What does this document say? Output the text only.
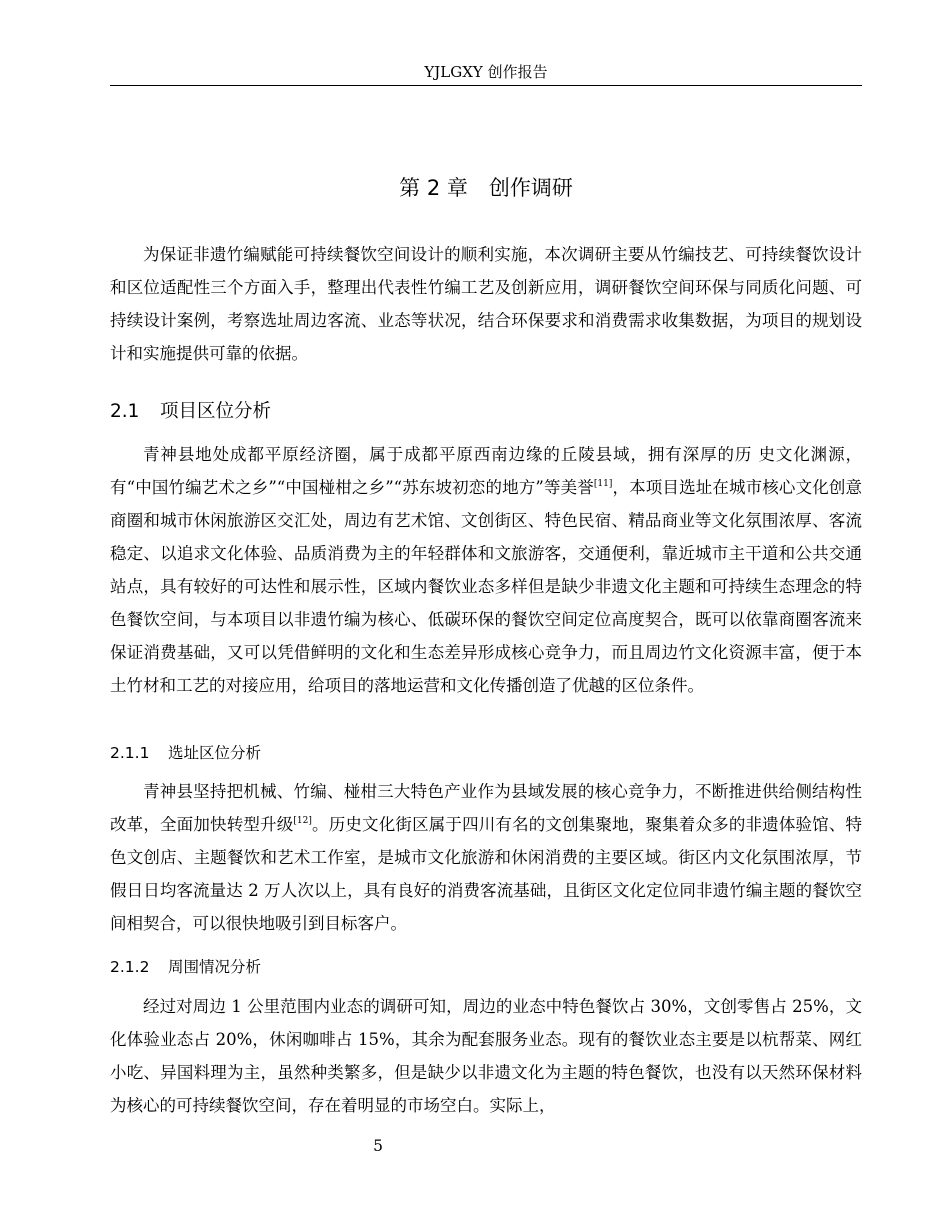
YJLGXY 创作报告
第 2 章　创作调研

为保证非遗竹编赋能可持续餐饮空间设计的顺利实施，本次调研主要从竹编技艺、可持续餐饮设计和区位适配性三个方面入手，整理出代表性竹编工艺及创新应用，调研餐饮空间环保与同质化问题、可持续设计案例，考察选址周边客流、业态等状况，结合环保要求和消费需求收集数据，为项目的规划设计和实施提供可靠的依据。

2.1 项目区位分析

青神县地处成都平原经济圈，属于成都平原西南边缘的丘陵县域，拥有深厚的历 史文化渊源，有“中国竹编艺术之乡”“中国椪柑之乡”“苏东坡初恋的地方”等美誉[11]，本项目选址在城市核心文化创意商圈和城市休闲旅游区交汇处，周边有艺术馆、文创街区、特色民宿、精品商业等文化氛围浓厚、客流稳定、以追求文化体验、品质消费为主的年轻群体和文旅游客，交通便利，靠近城市主干道和公共交通站点，具有较好的可达性和展示性，区域内餐饮业态多样但是缺少非遗文化主题和可持续生态理念的特色餐饮空间，与本项目以非遗竹编为核心、低碳环保的餐饮空间定位高度契合，既可以依靠商圈客流来保证消费基础，又可以凭借鲜明的文化和生态差异形成核心竞争力，而且周边竹文化资源丰富，便于本土竹材和工艺的对接应用，给项目的落地运营和文化传播创造了优越的区位条件。

2.1.1 选址区位分析

青神县坚持把机械、竹编、椪柑三大特色产业作为县域发展的核心竞争力，不断推进供给侧结构性改革，全面加快转型升级[12]。历史文化街区属于四川有名的文创集聚地，聚集着众多的非遗体验馆、特色文创店、主题餐饮和艺术工作室，是城市文化旅游和休闲消费的主要区域。街区内文化氛围浓厚，节假日日均客流量达 2 万人次以上，具有良好的消费客流基础，且街区文化定位同非遗竹编主题的餐饮空间相契合，可以很快地吸引到目标客户。

2.1.2 周围情况分析

经过对周边 1 公里范围内业态的调研可知，周边的业态中特色餐饮占 30%，文创零售占 25%，文化体验业态占 20%，休闲咖啡占 15%，其余为配套服务业态。现有的餐饮业态主要是以杭帮菜、网红小吃、异国料理为主，虽然种类繁多，但是缺少以非遗文化为主题的特色餐饮，也没有以天然环保材料为核心的可持续餐饮空间，存在着明显的市场空白。实际上，

5
